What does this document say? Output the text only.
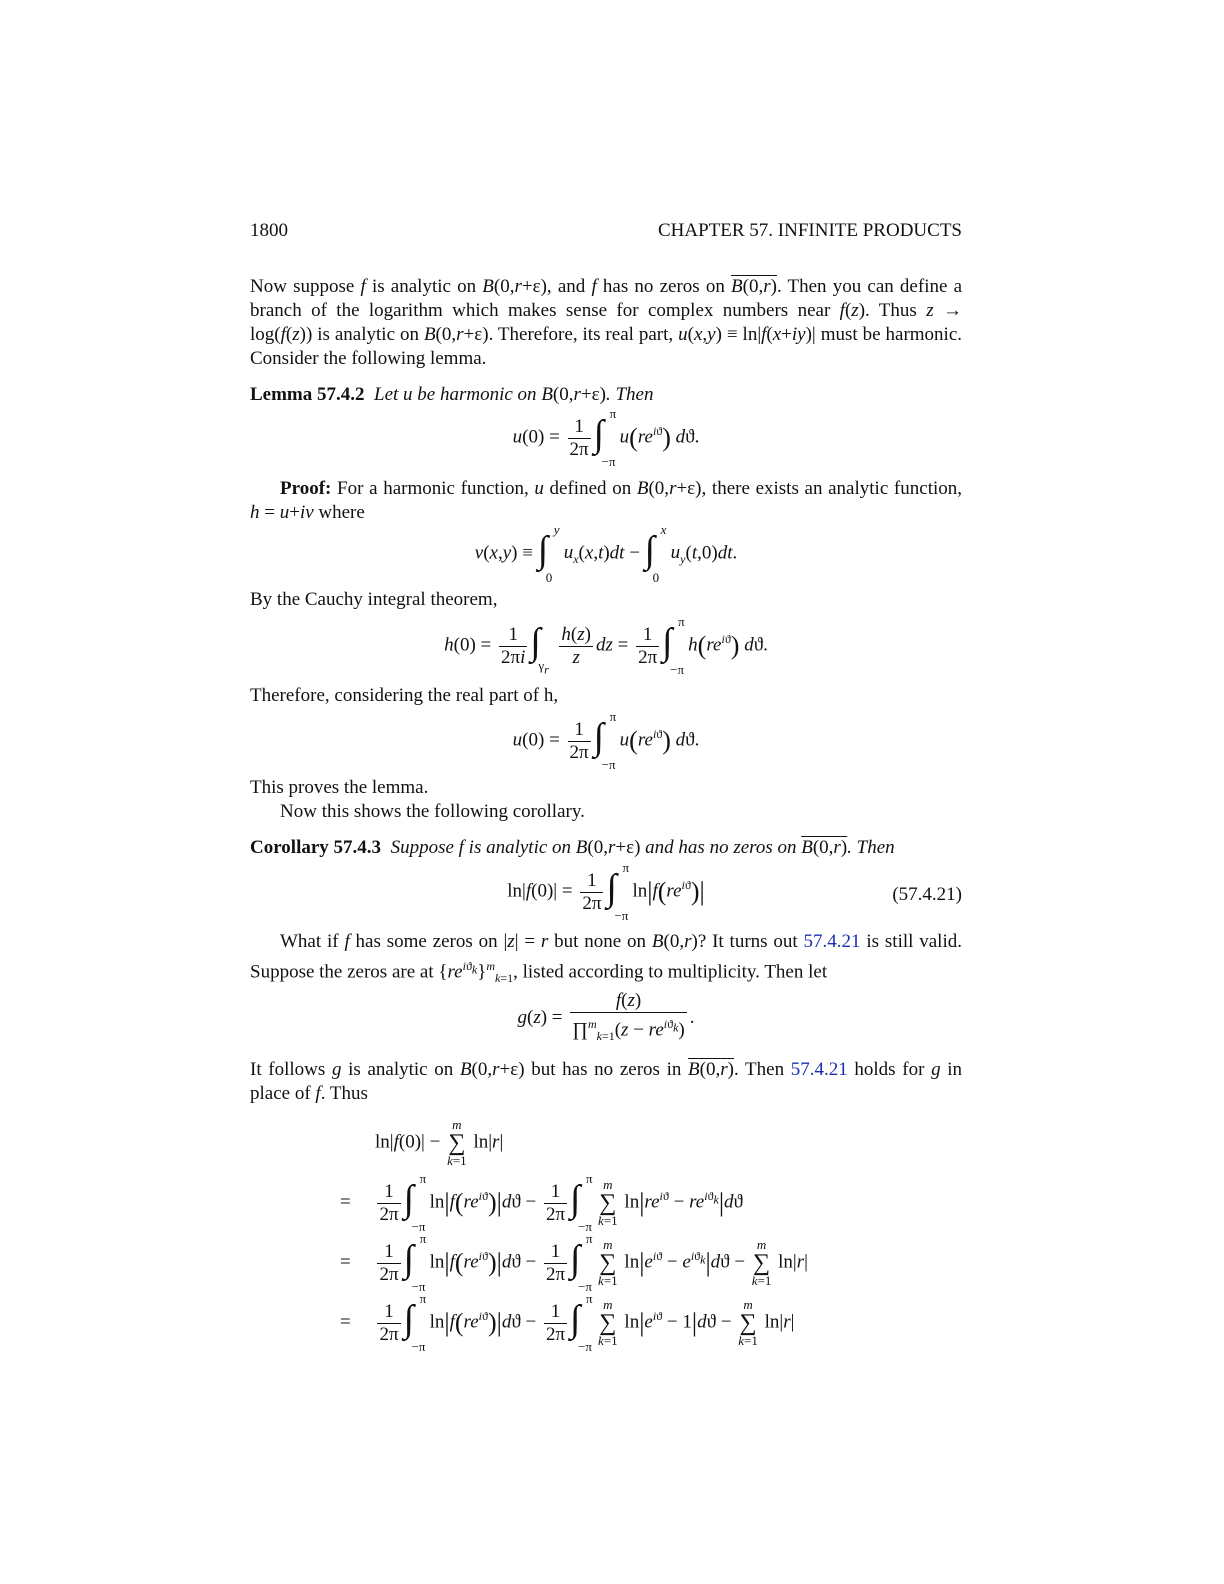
1800	CHAPTER 57. INFINITE PRODUCTS
Now suppose f is analytic on B(0,r+ε), and f has no zeros on B(0,r). Then you can define a branch of the logarithm which makes sense for complex numbers near f(z). Thus z → log(f(z)) is analytic on B(0,r+ε). Therefore, its real part, u(x,y) ≡ ln|f(x+iy)| must be harmonic. Consider the following lemma.
Lemma 57.4.2 Let u be harmonic on B(0,r+ε). Then
$u(0) = \frac{1}{2\pi}$ ∫ π
−π
$u(re^{iϑ})$ dϑ.
Proof: For a harmonic function, u defined on B(0,r+ε), there exists an analytic function, h = u+iv where
v(x,y) ≡ ∫ y
0
$u_x(x,t)dt$ − ∫ x
0
$u_y(t,0)dt$.
By the Cauchy integral theorem,
$h(0) = \frac{1}{2\pi i}$ ∫
$\gamma_r$
$\frac{h(z)}{z}$ dz = $\frac{1}{2\pi}$ ∫ π
−π
$h(re^{iϑ})$ dϑ.
Therefore, considering the real part of h,
$u(0) = \frac{1}{2\pi}$ ∫ π
−π
$u(re^{iϑ})$ dϑ.
This proves the lemma.
Now this shows the following corollary.
Corollary 57.4.3 Suppose f is analytic on B(0,r+ε) and has no zeros on B(0,r). Then
$\ln|f(0)| = \frac{1}{2\pi}$ ∫ π
−π
$\ln|f(re^{iϑ})|$	(57.4.21)
What if f has some zeros on |z| = r but none on B(0,r)? It turns out 57.4.21 is still valid. Suppose the zeros are at $\{re^{iϑ_k}\}^m_{k=1}$, listed according to multiplicity. Then let
$g(z) = \frac{f(z)}{\prod^m_{k=1}(z - re^{iϑ_k})}$ .
It follows g is analytic on B(0,r+ε) but has no zeros in B(0,r). Then 57.4.21 holds for g in place of f. Thus
ln|f(0)| −
m
∑
k=1
ln|r|
= $\frac{1}{2\pi}$ ∫ π
−π
$\ln|f(re^{iϑ})|dϑ - \frac{1}{2\pi}$ ∫ π
−π
m
∑
k=1
$\ln|re^{iϑ} - re^{iϑ_k}|dϑ$
= $\frac{1}{2\pi}$ ∫ π
−π
$\ln|f(re^{iϑ})|dϑ - \frac{1}{2\pi}$ ∫ π
−π
m
∑
k=1
$\ln|e^{iϑ} - e^{iϑ_k}|dϑ$ −
m
∑
k=1
ln|r|
= $\frac{1}{2\pi}$ ∫ π
−π
$\ln|f(re^{iϑ})|dϑ - \frac{1}{2\pi}$ ∫ π
−π
m
∑
k=1
$\ln|e^{iϑ} - 1|dϑ$ −
m
∑
k=1
ln|r|
